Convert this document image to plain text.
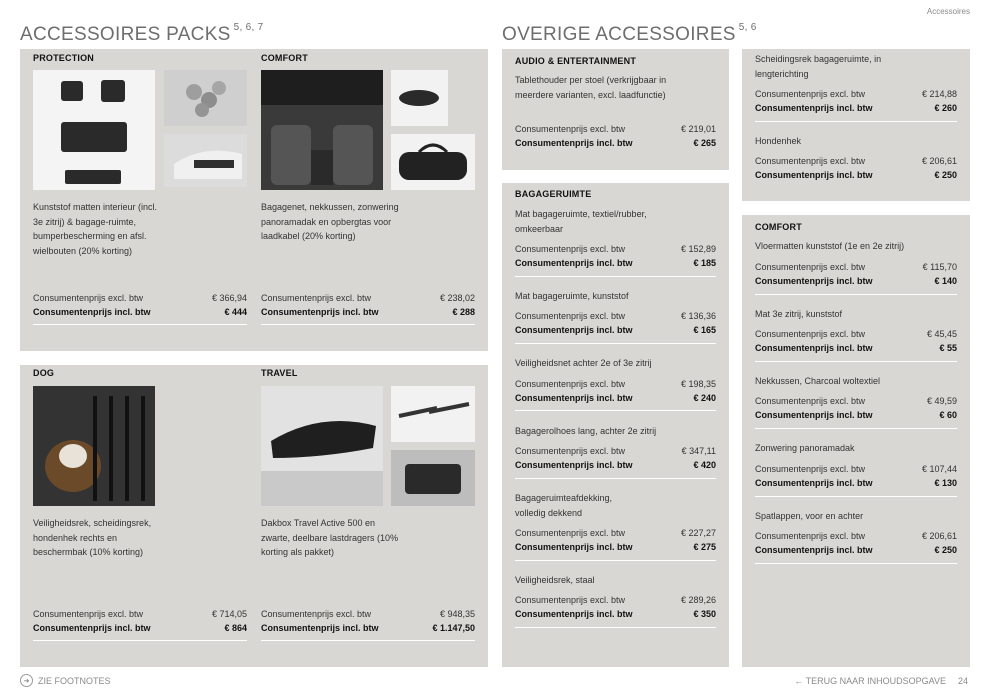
Accessoires
ACCESSOIRES PACKS $^{5, 6, 7}$	OVERIGE ACCESSOIRES $^{5, 6}$
PROTECTION
Kunststof matten interieur (incl. 3e zitrij) & bagage-ruimte, bumperbescherming en afsl. wielbouten (20% korting)
Consumentenprijs excl. btw	€ 366,94
Consumentenprijs incl. btw	€ 444
COMFORT
Bagagenet, nekkussen, zonwering panoramadak en opbergtas voor laadkabel (20% korting)
Consumentenprijs excl. btw	€ 238,02
Consumentenprijs incl. btw	€ 288
DOG
Veiligheidsrek, scheidingsrek, hondenhek rechts en beschermbak (10% korting)
Consumentenprijs excl. btw	€ 714,05
Consumentenprijs incl. btw	€ 864
TRAVEL
Dakbox Travel Active 500 en zwarte, deelbare lastdragers (10% korting als pakket)
Consumentenprijs excl. btw	€ 948,35
Consumentenprijs incl. btw	€ 1.147,50
AUDIO & ENTERTAINMENT
Tablethouder per stoel (verkrijgbaar in meerdere varianten, excl. laadfunctie)
Consumentenprijs excl. btw	€ 219,01
Consumentenprijs incl. btw	€ 265
BAGAGERUIMTE
Mat bagageruimte, textiel/rubber, omkeerbaar
Consumentenprijs excl. btw	€ 152,89
Consumentenprijs incl. btw	€ 185
Mat bagageruimte, kunststof
Consumentenprijs excl. btw	€ 136,36
Consumentenprijs incl. btw	€ 165
Veiligheidsnet achter 2e of 3e zitrij
Consumentenprijs excl. btw	€ 198,35
Consumentenprijs incl. btw	€ 240
Bagagerolhoes lang, achter 2e zitrij
Consumentenprijs excl. btw	€ 347,11
Consumentenprijs incl. btw	€ 420
Bagageruimteafdekking, volledig dekkend
Consumentenprijs excl. btw	€ 227,27
Consumentenprijs incl. btw	€ 275
Veiligheidsrek, staal
Consumentenprijs excl. btw	€ 289,26
Consumentenprijs incl. btw	€ 350
Scheidingsrek bagageruimte, in lengterichting
Consumentenprijs excl. btw	€ 214,88
Consumentenprijs incl. btw	€ 260
Hondenhek
Consumentenprijs excl. btw	€ 206,61
Consumentenprijs incl. btw	€ 250
COMFORT
Vloermatten kunststof (1e en 2e zitrij)
Consumentenprijs excl. btw	€ 115,70
Consumentenprijs incl. btw	€ 140
Mat 3e zitrij, kunststof
Consumentenprijs excl. btw	€ 45,45
Consumentenprijs incl. btw	€ 55
Nekkussen, Charcoal woltextiel
Consumentenprijs excl. btw	€ 49,59
Consumentenprijs incl. btw	€ 60
Zonwering panoramadak
Consumentenprijs excl. btw	€ 107,44
Consumentenprijs incl. btw	€ 130
Spatlappen, voor en achter
Consumentenprijs excl. btw	€ 206,61
Consumentenprijs incl. btw	€ 250
➜ ZIE FOOTNOTES	← TERUG NAAR INHOUDSOPGAVE 24
